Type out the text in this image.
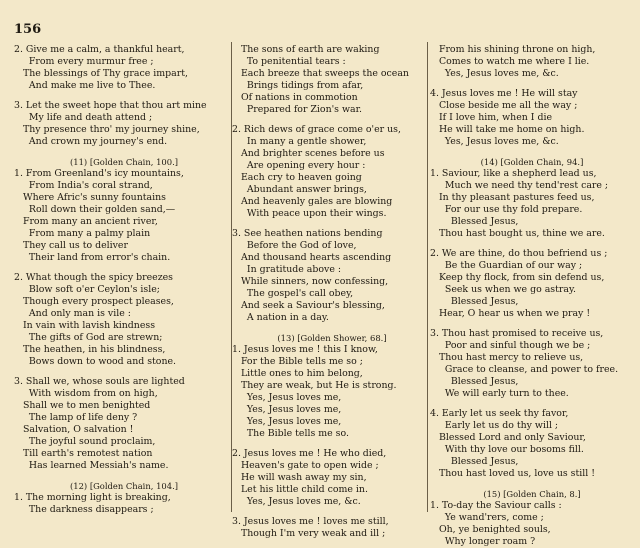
156
2. Give me a calm, a thankful heart,
From every murmur free ;
The blessings of Thy grace impart,
And make me live to Thee.
3. Let the sweet hope that thou art mine
My life and death attend ;
Thy presence thro' my journey shine,
And crown my journey's end.
(11) [Golden Chain, 100.]
1. From Greenland's icy mountains,
From India's coral strand,
Where Afric's sunny fountains
Roll down their golden sand,—
From many an ancient river,
From many a palmy plain
They call us to deliver
Their land from error's chain.
2. What though the spicy breezes
Blow soft o'er Ceylon's isle;
Though every prospect pleases,
And only man is vile :
In vain with lavish kindness
The gifts of God are strewn;
The heathen, in his blindness,
Bows down to wood and stone.
3. Shall we, whose souls are lighted
With wisdom from on high,
Shall we to men benighted
The lamp of life deny ?
Salvation, O salvation !
The joyful sound proclaim,
Till earth's remotest nation
Has learned Messiah's name.
(12) [Golden Chain, 104.]
1. The morning light is breaking,
The darkness disappears ;
The sons of earth are waking
To penitential tears :
Each breeze that sweeps the ocean
Brings tidings from afar,
Of nations in commotion
Prepared for Zion's war.
2. Rich dews of grace come o'er us,
In many a gentle shower,
And brighter scenes before us
Are opening every hour :
Each cry to heaven going
Abundant answer brings,
And heavenly gales are blowing
With peace upon their wings.
3. See heathen nations bending
Before the God of love,
And thousand hearts ascending
In gratitude above :
While sinners, now confessing,
The gospel's call obey,
And seek a Saviour's blessing,
A nation in a day.
(13) [Golden Shower, 68.]
1. Jesus loves me ! this I know,
For the Bible tells me so ;
Little ones to him belong,
They are weak, but He is strong.
Yes, Jesus loves me,
Yes, Jesus loves me,
Yes, Jesus loves me,
The Bible tells me so.
2. Jesus loves me ! He who died,
Heaven's gate to open wide ;
He will wash away my sin,
Let his little child come in.
Yes, Jesus loves me, &c.
3. Jesus loves me ! loves me still,
Though I'm very weak and ill ;
From his shining throne on high,
Comes to watch me where I lie.
Yes, Jesus loves me, &c.
4. Jesus loves me ! He will stay
Close beside me all the way ;
If I love him, when I die
He will take me home on high.
Yes, Jesus loves me, &c.
(14) [Golden Chain, 94.]
1. Saviour, like a shepherd lead us,
Much we need thy tend'rest care ;
In thy pleasant pastures feed us,
For our use thy fold prepare.
Blessed Jesus,
Thou hast bought us, thine we are.
2. We are thine, do thou befriend us ;
Be the Guardian of our way ;
Keep thy flock, from sin defend us,
Seek us when we go astray.
Blessed Jesus,
Hear, O hear us when we pray !
3. Thou hast promised to receive us,
Poor and sinful though we be ;
Thou hast mercy to relieve us,
Grace to cleanse, and power to free.
Blessed Jesus,
We will early turn to thee.
4. Early let us seek thy favor,
Early let us do thy will ;
Blessed Lord and only Saviour,
With thy love our bosoms fill.
Blessed Jesus,
Thou hast loved us, love us still !
(15) [Golden Chain, 8.]
1. To-day the Saviour calls :
Ye wand'rers, come ;
Oh, ye benighted souls,
Why longer roam ?
